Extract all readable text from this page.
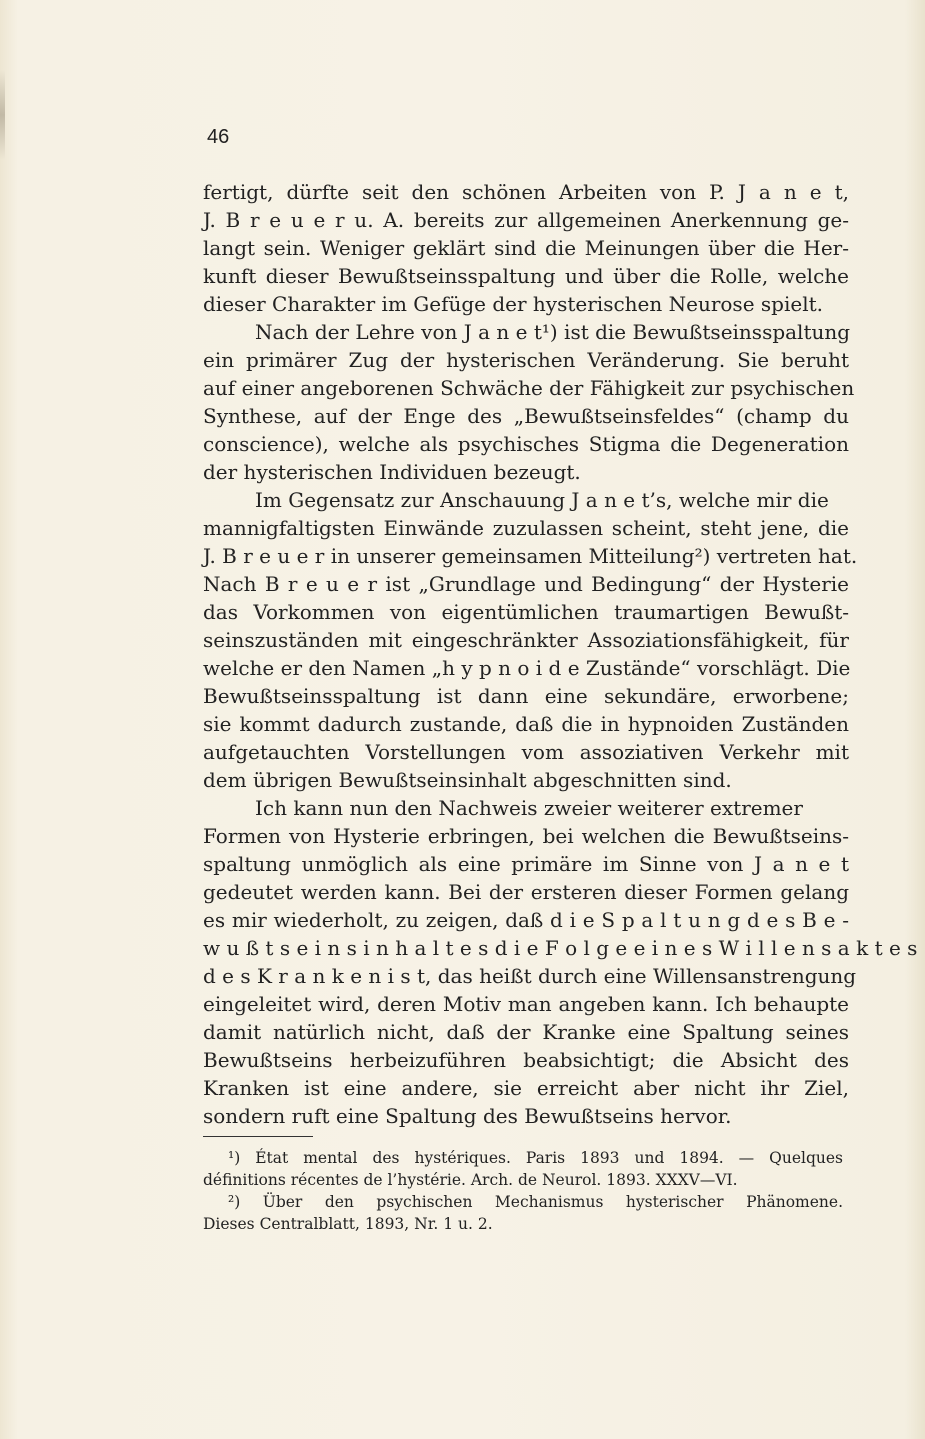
46
fertigt, dürfte seit den schönen Arbeiten von P. J a n e t,
J. B r e u e r u. A. bereits zur allgemeinen Anerkennung ge-
langt sein. Weniger geklärt sind die Meinungen über die Her-
kunft dieser Bewußtseinsspaltung und über die Rolle, welche
dieser Charakter im Gefüge der hysterischen Neurose spielt.
Nach der Lehre von J a n e t¹) ist die Bewußtseinsspaltung
ein primärer Zug der hysterischen Veränderung. Sie beruht
auf einer angeborenen Schwäche der Fähigkeit zur psychischen
Synthese, auf der Enge des „Bewußtseinsfeldes“ (champ du
conscience), welche als psychisches Stigma die Degeneration
der hysterischen Individuen bezeugt.
Im Gegensatz zur Anschauung J a n e t’s, welche mir die
mannigfaltigsten Einwände zuzulassen scheint, steht jene, die
J. B r e u e r in unserer gemeinsamen Mitteilung²) vertreten hat.
Nach B r e u e r ist „Grundlage und Bedingung“ der Hysterie
das Vorkommen von eigentümlichen traumartigen Bewußt-
seinszuständen mit eingeschränkter Assoziationsfähigkeit, für
welche er den Namen „h y p n o i d e Zustände“ vorschlägt. Die
Bewußtseinsspaltung ist dann eine sekundäre, erworbene;
sie kommt dadurch zustande, daß die in hypnoiden Zuständen
aufgetauchten Vorstellungen vom assoziativen Verkehr mit
dem übrigen Bewußtseinsinhalt abgeschnitten sind.
Ich kann nun den Nachweis zweier weiterer extremer
Formen von Hysterie erbringen, bei welchen die Bewußtseins-
spaltung unmöglich als eine primäre im Sinne von J a n e t
gedeutet werden kann. Bei der ersteren dieser Formen gelang
es mir wiederholt, zu zeigen, daß d i e S p a l t u n g d e s B e -
w u ß t s e i n s i n h a l t e s d i e F o l g e e i n e s W i l l e n s a k t e s
d e s K r a n k e n i s t, das heißt durch eine Willensanstrengung
eingeleitet wird, deren Motiv man angeben kann. Ich behaupte
damit natürlich nicht, daß der Kranke eine Spaltung seines
Bewußtseins herbeizuführen beabsichtigt; die Absicht des
Kranken ist eine andere, sie erreicht aber nicht ihr Ziel,
sondern ruft eine Spaltung des Bewußtseins hervor.
¹) État mental des hystériques. Paris 1893 und 1894. — Quelques
définitions récentes de l’hystérie. Arch. de Neurol. 1893. XXXV—VI.
²) Über den psychischen Mechanismus hysterischer Phänomene.
Dieses Centralblatt, 1893, Nr. 1 u. 2.
